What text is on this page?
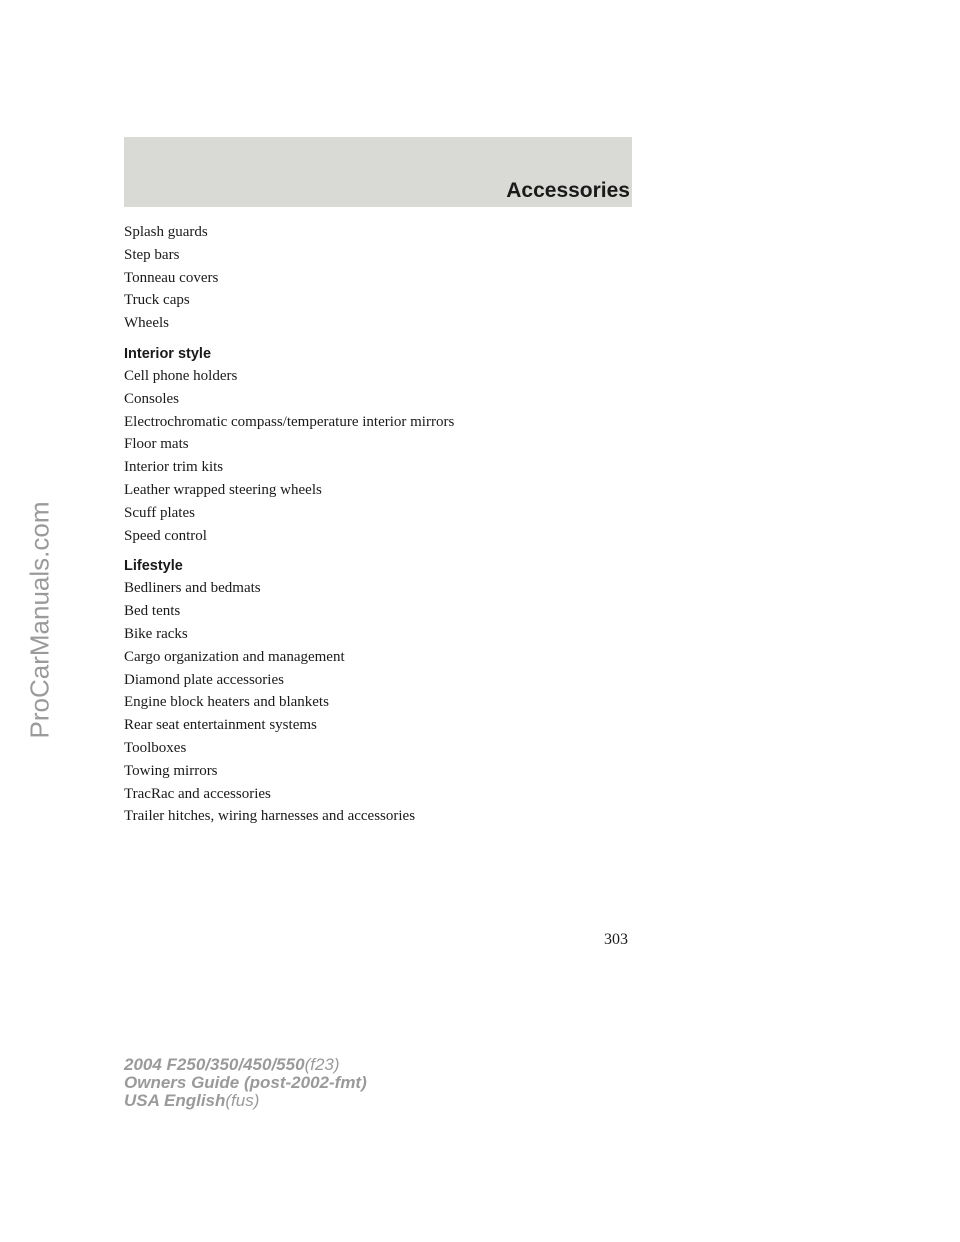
ProCarManuals.com
Accessories
Splash guards
Step bars
Tonneau covers
Truck caps
Wheels
Interior style
Cell phone holders
Consoles
Electrochromatic compass/temperature interior mirrors
Floor mats
Interior trim kits
Leather wrapped steering wheels
Scuff plates
Speed control
Lifestyle
Bedliners and bedmats
Bed tents
Bike racks
Cargo organization and management
Diamond plate accessories
Engine block heaters and blankets
Rear seat entertainment systems
Toolboxes
Towing mirrors
TracRac and accessories
Trailer hitches, wiring harnesses and accessories
303
2004 F250/350/450/550(f23)
Owners Guide (post-2002-fmt)
USA English(fus)
